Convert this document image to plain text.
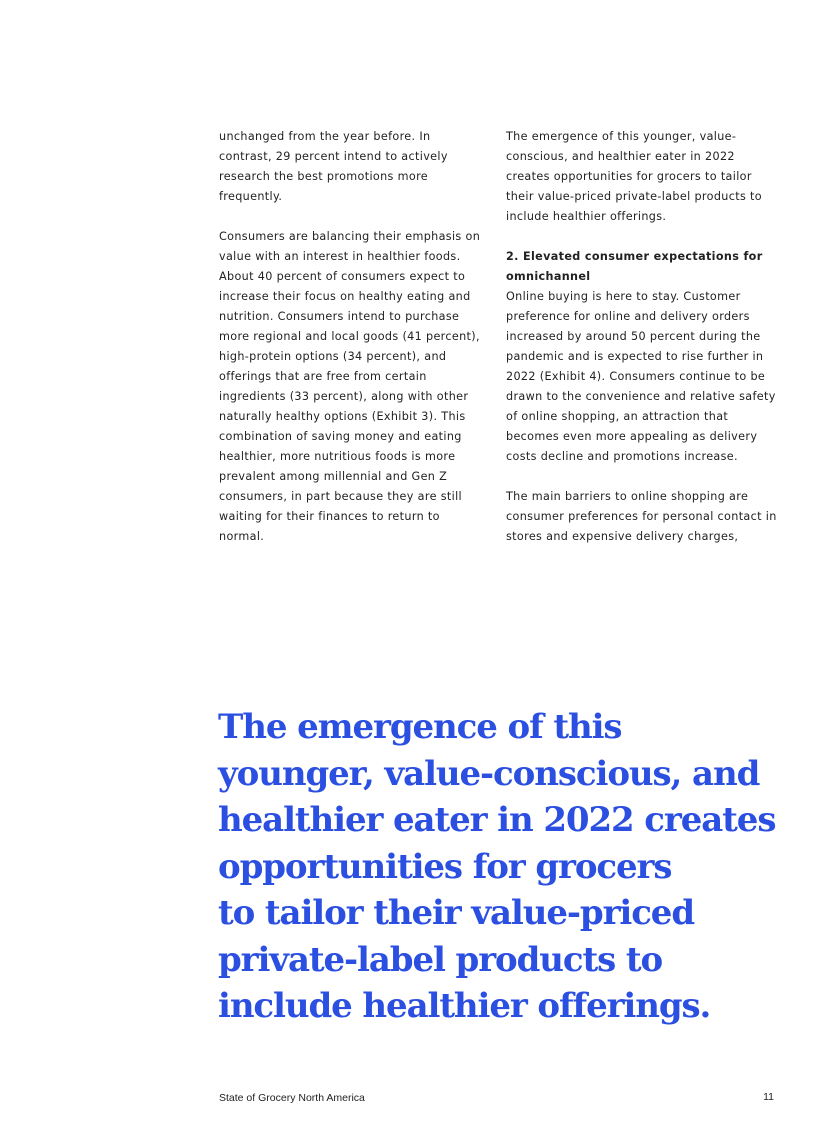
unchanged from the year before. In contrast, 29 percent intend to actively research the best promotions more frequently.

Consumers are balancing their emphasis on value with an interest in healthier foods. About 40 percent of consumers expect to increase their focus on healthy eating and nutrition. Consumers intend to purchase more regional and local goods (41 percent), high-protein options (34 percent), and offerings that are free from certain ingredients (33 percent), along with other naturally healthy options (Exhibit 3). This combination of saving money and eating healthier, more nutritious foods is more prevalent among millennial and Gen Z consumers, in part because they are still waiting for their finances to return to normal.

The emergence of this younger, value-conscious, and healthier eater in 2022 creates opportunities for grocers to tailor their value-priced private-label products to include healthier offerings.

2. Elevated consumer expectations for omnichannel
Online buying is here to stay. Customer preference for online and delivery orders increased by around 50 percent during the pandemic and is expected to rise further in 2022 (Exhibit 4). Consumers continue to be drawn to the convenience and relative safety of online shopping, an attraction that becomes even more appealing as delivery costs decline and promotions increase.

The main barriers to online shopping are consumer preferences for personal contact in stores and expensive delivery charges,

The emergence of this
younger, value-conscious, and
healthier eater in 2022 creates
opportunities for grocers
to tailor their value-priced
private-label products to
include healthier offerings.
State of Grocery North America	11
